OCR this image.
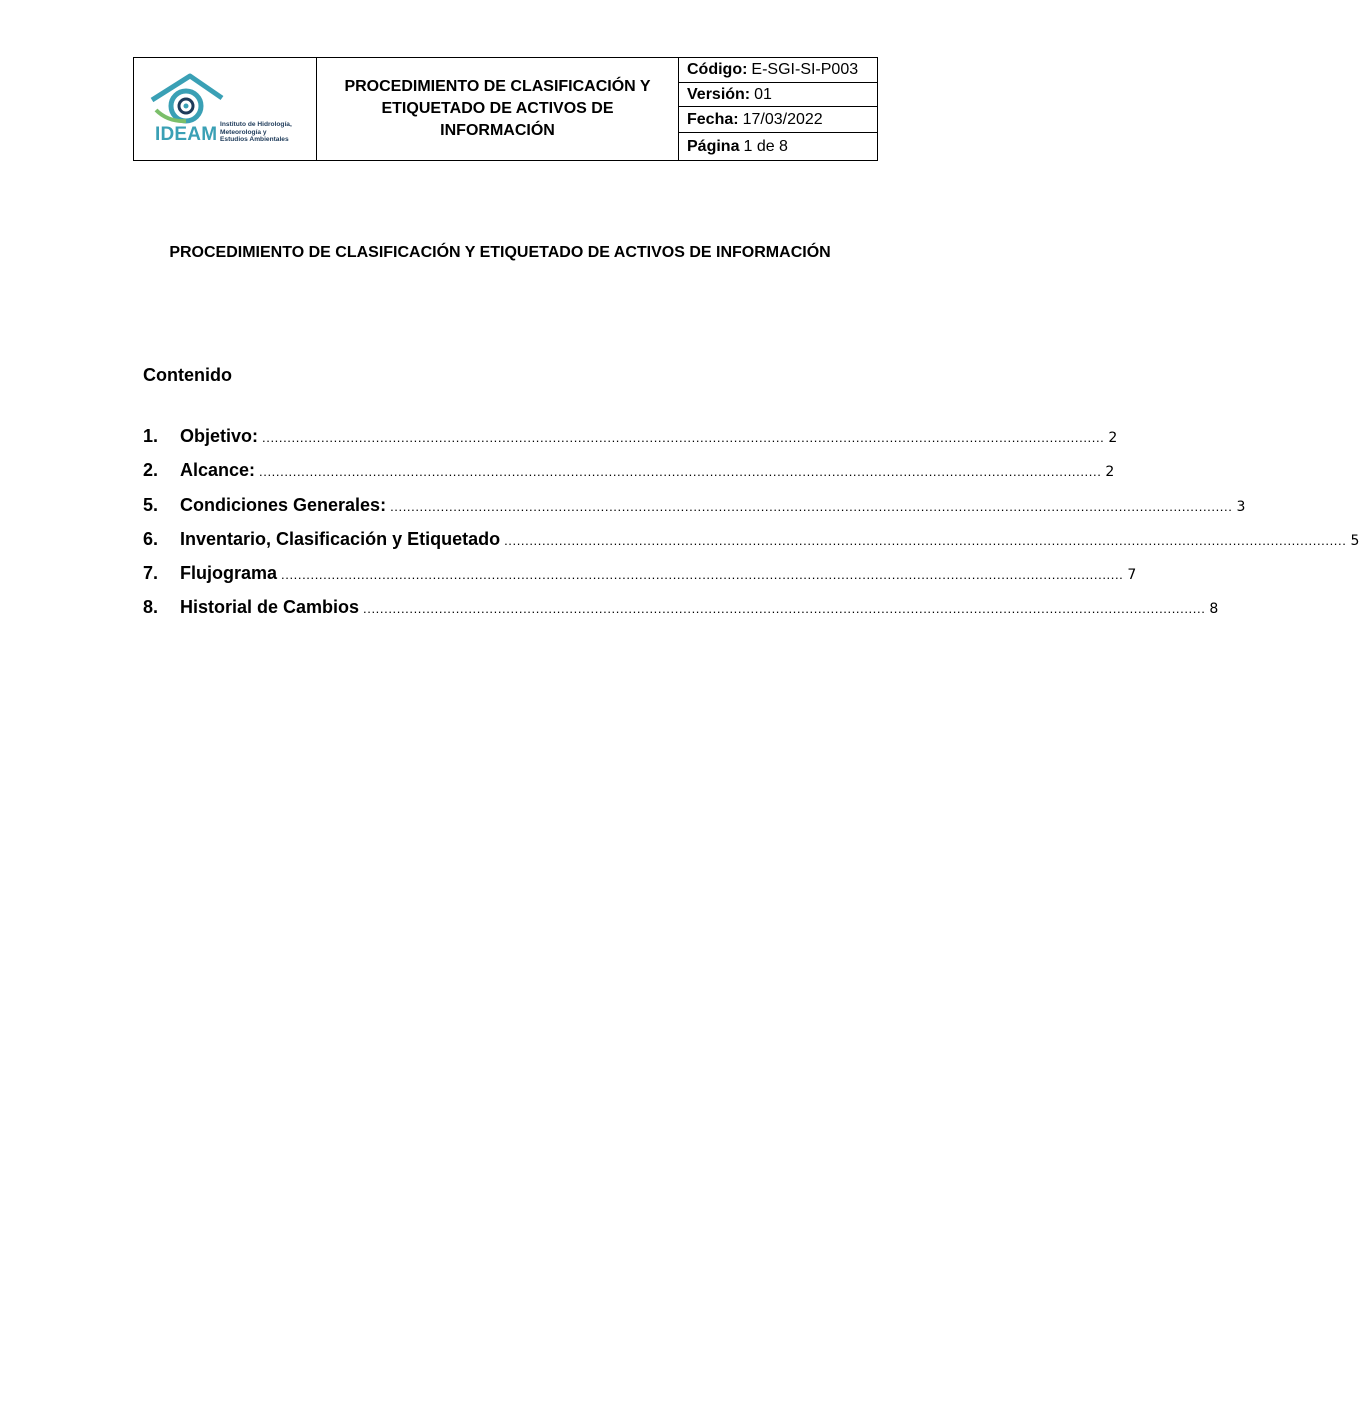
IDEAM Instituto de Hidrología,
Meteorología y
Estudios Ambientales
PROCEDIMIENTO DE CLASIFICACIÓN Y ETIQUETADO DE ACTIVOS DE INFORMACIÓN
Código: E-SGI-SI-P003
Versión: 01
Fecha: 17/03/2022
Página 1 de 8
PROCEDIMIENTO DE CLASIFICACIÓN Y ETIQUETADO DE ACTIVOS DE INFORMACIÓN
Contenido
1.	Objetivo: ........................................................................................................................................................................................................ 2
2.	Alcance: ........................................................................................................................................................................................................ 2
5.	Condiciones Generales: ........................................................................................................................................................................................................ 3
6.	Inventario, Clasificación y Etiquetado ........................................................................................................................................................................................................ 5
7.	Flujograma ........................................................................................................................................................................................................ 7
8.	Historial de Cambios ........................................................................................................................................................................................................ 8
